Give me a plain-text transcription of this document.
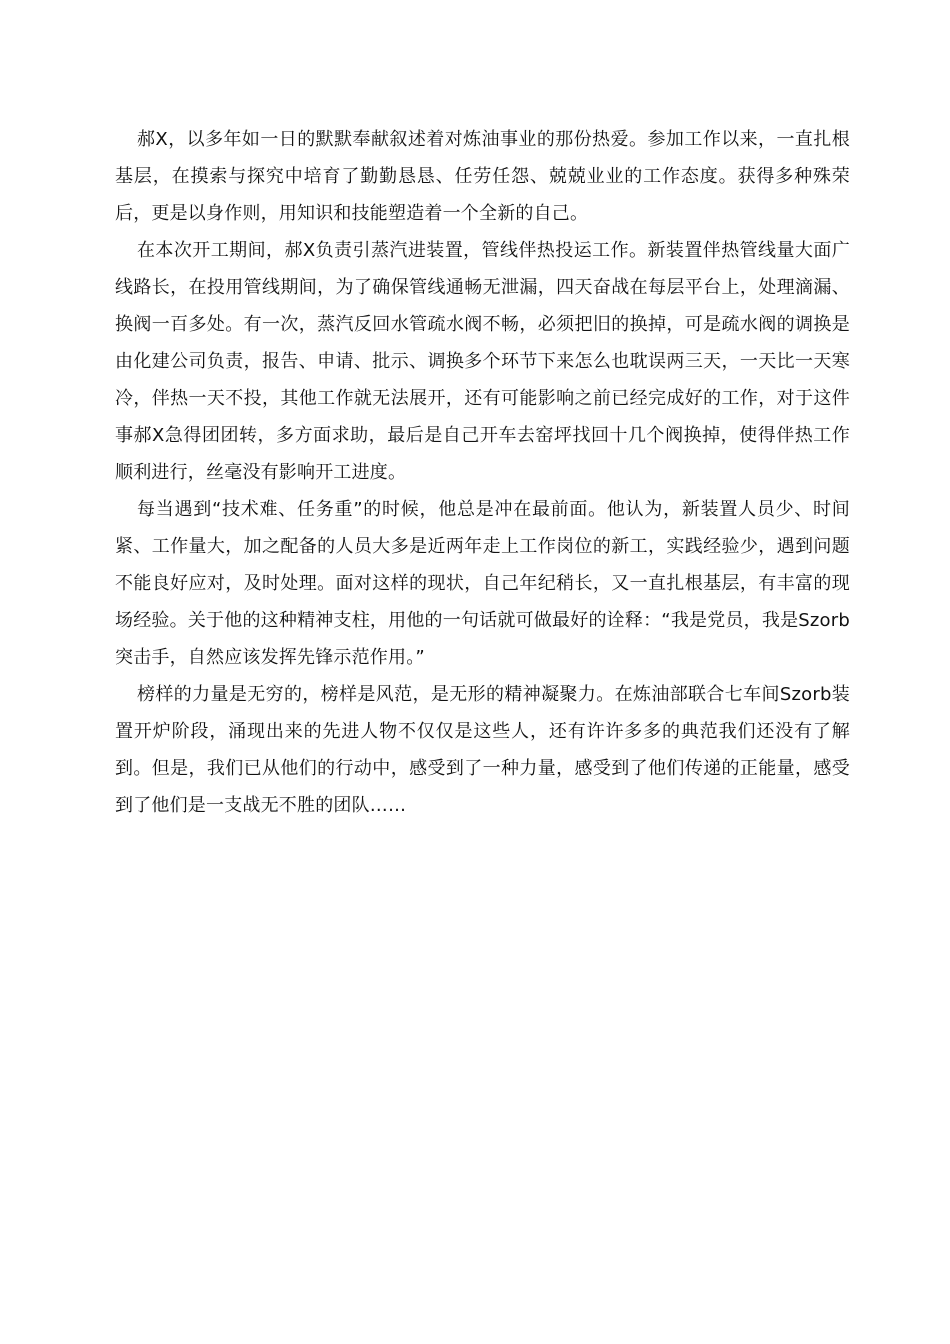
郝X，以多年如一日的默默奉献叙述着对炼油事业的那份热爱。参加工作以来，一直扎根基层，在摸索与探究中培育了勤勤恳恳、任劳任怨、兢兢业业的工作态度。获得多种殊荣后，更是以身作则，用知识和技能塑造着一个全新的自己。

在本次开工期间，郝X负责引蒸汽进装置，管线伴热投运工作。新装置伴热管线量大面广线路长，在投用管线期间，为了确保管线通畅无泄漏，四天奋战在每层平台上，处理滴漏、换阀一百多处。有一次，蒸汽反回水管疏水阀不畅，必须把旧的换掉，可是疏水阀的调换是由化建公司负责，报告、申请、批示、调换多个环节下来怎么也耽误两三天，一天比一天寒冷，伴热一天不投，其他工作就无法展开，还有可能影响之前已经完成好的工作，对于这件事郝X急得团团转，多方面求助，最后是自己开车去窑坪找回十几个阀换掉，使得伴热工作顺利进行，丝毫没有影响开工进度。

每当遇到“技术难、任务重”的时候，他总是冲在最前面。他认为，新装置人员少、时间紧、工作量大，加之配备的人员大多是近两年走上工作岗位的新工，实践经验少，遇到问题不能良好应对，及时处理。面对这样的现状，自己年纪稍长，又一直扎根基层，有丰富的现场经验。关于他的这种精神支柱，用他的一句话就可做最好的诠释：“我是党员，我是Szorb突击手，自然应该发挥先锋示范作用。”

榜样的力量是无穷的，榜样是风范，是无形的精神凝聚力。在炼油部联合七车间Szorb装置开炉阶段，涌现出来的先进人物不仅仅是这些人，还有许许多多的典范我们还没有了解到。但是，我们已从他们的行动中，感受到了一种力量，感受到了他们传递的正能量，感受到了他们是一支战无不胜的团队……
